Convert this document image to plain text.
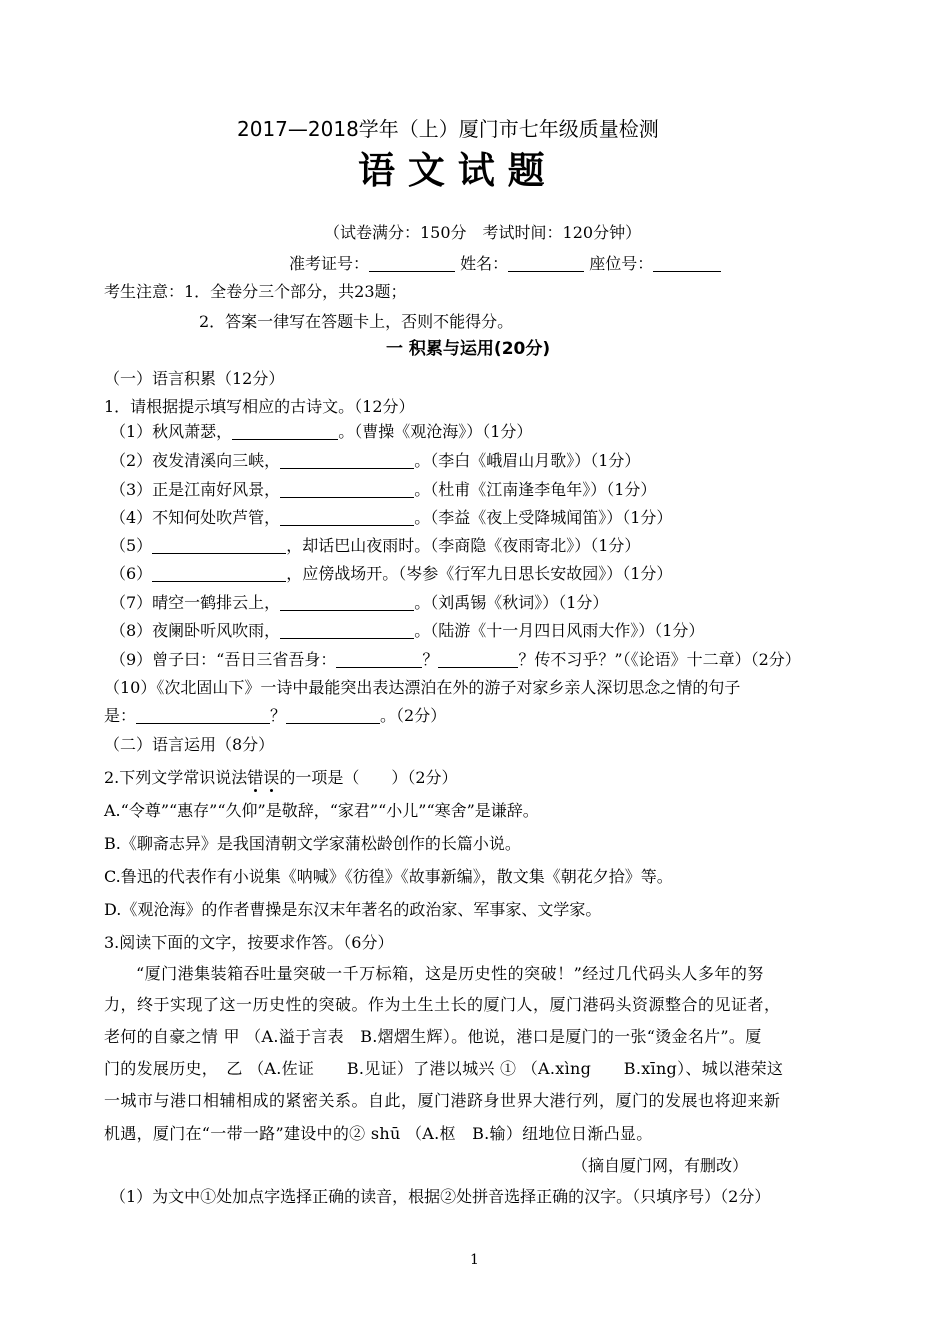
2017—2018学年（上）厦门市七年级质量检测
语 文 试 题
（试卷满分：150分　考试时间：120分钟）
准考证号：	姓名：	座位号：
考生注意：1．全卷分三个部分，共23题；
2．答案一律写在答题卡上，否则不能得分。
一 积累与运用(20分)
（一）语言积累（12分）
1．请根据提示填写相应的古诗文。（12分）
（1）秋风萧瑟，	。（曹操《观沧海》）（1分）
（2）夜发清溪向三峡，	。（李白《峨眉山月歌》）（1分）
（3）正是江南好风景，	。（杜甫《江南逢李龟年》）（1分）
（4）不知何处吹芦管，	。（李益《夜上受降城闻笛》）（1分）
（5）	，却话巴山夜雨时。（李商隐《夜雨寄北》）（1分）
（6）	，应傍战场开。（岑参《行军九日思长安故园》）（1分）
（7）晴空一鹤排云上，	。（刘禹锡《秋词》）（1分）
（8）夜阑卧听风吹雨，	。（陆游《十一月四日风雨大作》）（1分）
（9）曾子曰：“吾日三省吾身：	？	？传不习乎？”（《论语》十二章）（2分）
（10）《次北固山下》一诗中最能突出表达漂泊在外的游子对家乡亲人深切思念之情的句子
是：	？	。（2分）
（二）语言运用（8分）
2.下列文学常识说法错误的一项是（　　）（2分）
A.“令尊”“惠存”“久仰”是敬辞，“家君”“小儿”“寒舍”是谦辞。
B.《聊斋志异》是我国清朝文学家蒲松龄创作的长篇小说。
C.鲁迅的代表作有小说集《呐喊》《彷徨》《故事新编》，散文集《朝花夕拾》等。
D.《观沧海》的作者曹操是东汉末年著名的政治家、军事家、文学家。
3.阅读下面的文字，按要求作答。（6分）
“厦门港集装箱吞吐量突破一千万标箱，这是历史性的突破！”经过几代码头人多年的努
力，终于实现了这一历史性的突破。作为土生土长的厦门人，厦门港码头资源整合的见证者，
老何的自豪之情 甲 （A.溢于言表　B.熠熠生辉）。他说，港口是厦门的一张“烫金名片”。厦
门的发展历史，　乙 （A.佐证　　B.见证）了港以城兴 ① （A.xìng　　B.xīng）、城以港荣这
一城市与港口相辅相成的紧密关系。自此，厦门港跻身世界大港行列，厦门的发展也将迎来新
机遇，厦门在“一带一路”建设中的② shū （A.枢　B.输）纽地位日渐凸显。
（摘自厦门网，有删改）
（1）为文中①处加点字选择正确的读音，根据②处拼音选择正确的汉字。（只填序号）（2分）
1
